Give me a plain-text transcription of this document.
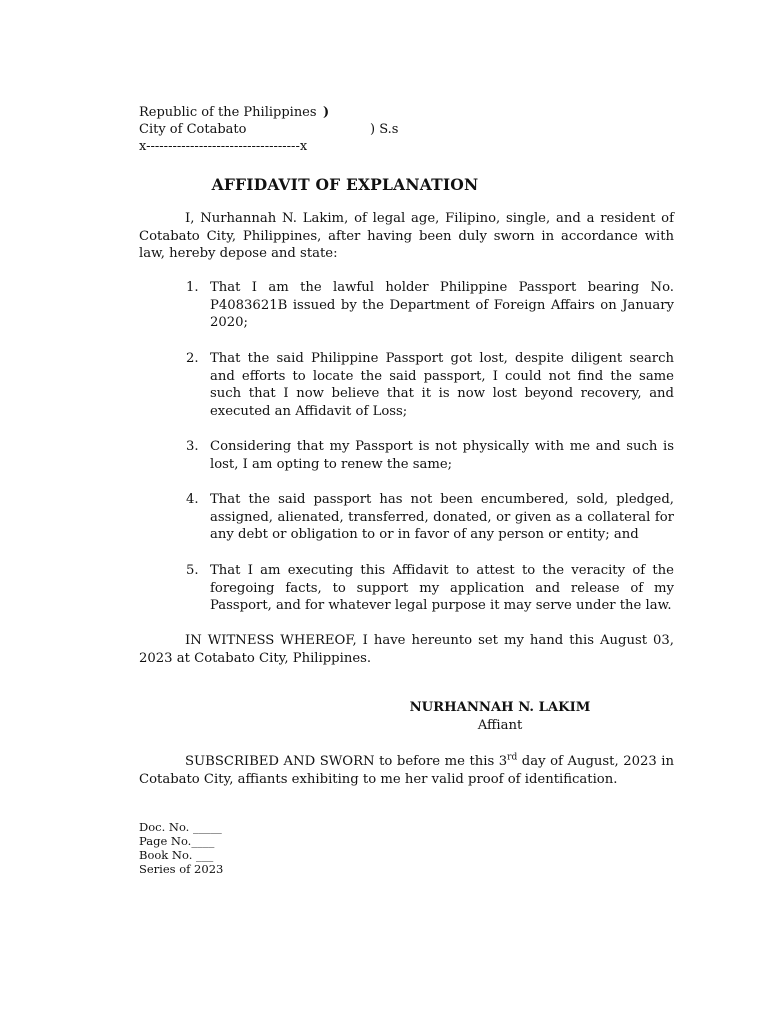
Republic of the Philippines )
City of Cotabato	) S.s
x-----------------------------------x
AFFIDAVIT OF EXPLANATION
I, Nurhannah N. Lakim, of legal age, Filipino, single, and a resident of Cotabato City, Philippines, after having been duly sworn in accordance with law, hereby depose and state:
1. That I am the lawful holder Philippine Passport bearing No. P4083621B issued by the Department of Foreign Affairs on January 2020;
2. That the said Philippine Passport got lost, despite diligent search and efforts to locate the said passport, I could not find the same such that I now believe that it is now lost beyond recovery, and executed an Affidavit of Loss;
3. Considering that my Passport is not physically with me and such is lost, I am opting to renew the same;
4. That the said passport has not been encumbered, sold, pledged, assigned, alienated, transferred, donated, or given as a collateral for any debt or obligation to or in favor of any person or entity; and
5. That I am executing this Affidavit to attest to the veracity of the foregoing facts, to support my application and release of my Passport, and for whatever legal purpose it may serve under the law.
IN WITNESS WHEREOF, I have hereunto set my hand this August 03, 2023 at Cotabato City, Philippines.
NURHANNAH N. LAKIM
Affiant
SUBSCRIBED AND SWORN to before me this 3rd day of August, 2023 in Cotabato City, affiants exhibiting to me her valid proof of identification.
Doc. No. _____
Page No.____
Book No. ___
Series of 2023
